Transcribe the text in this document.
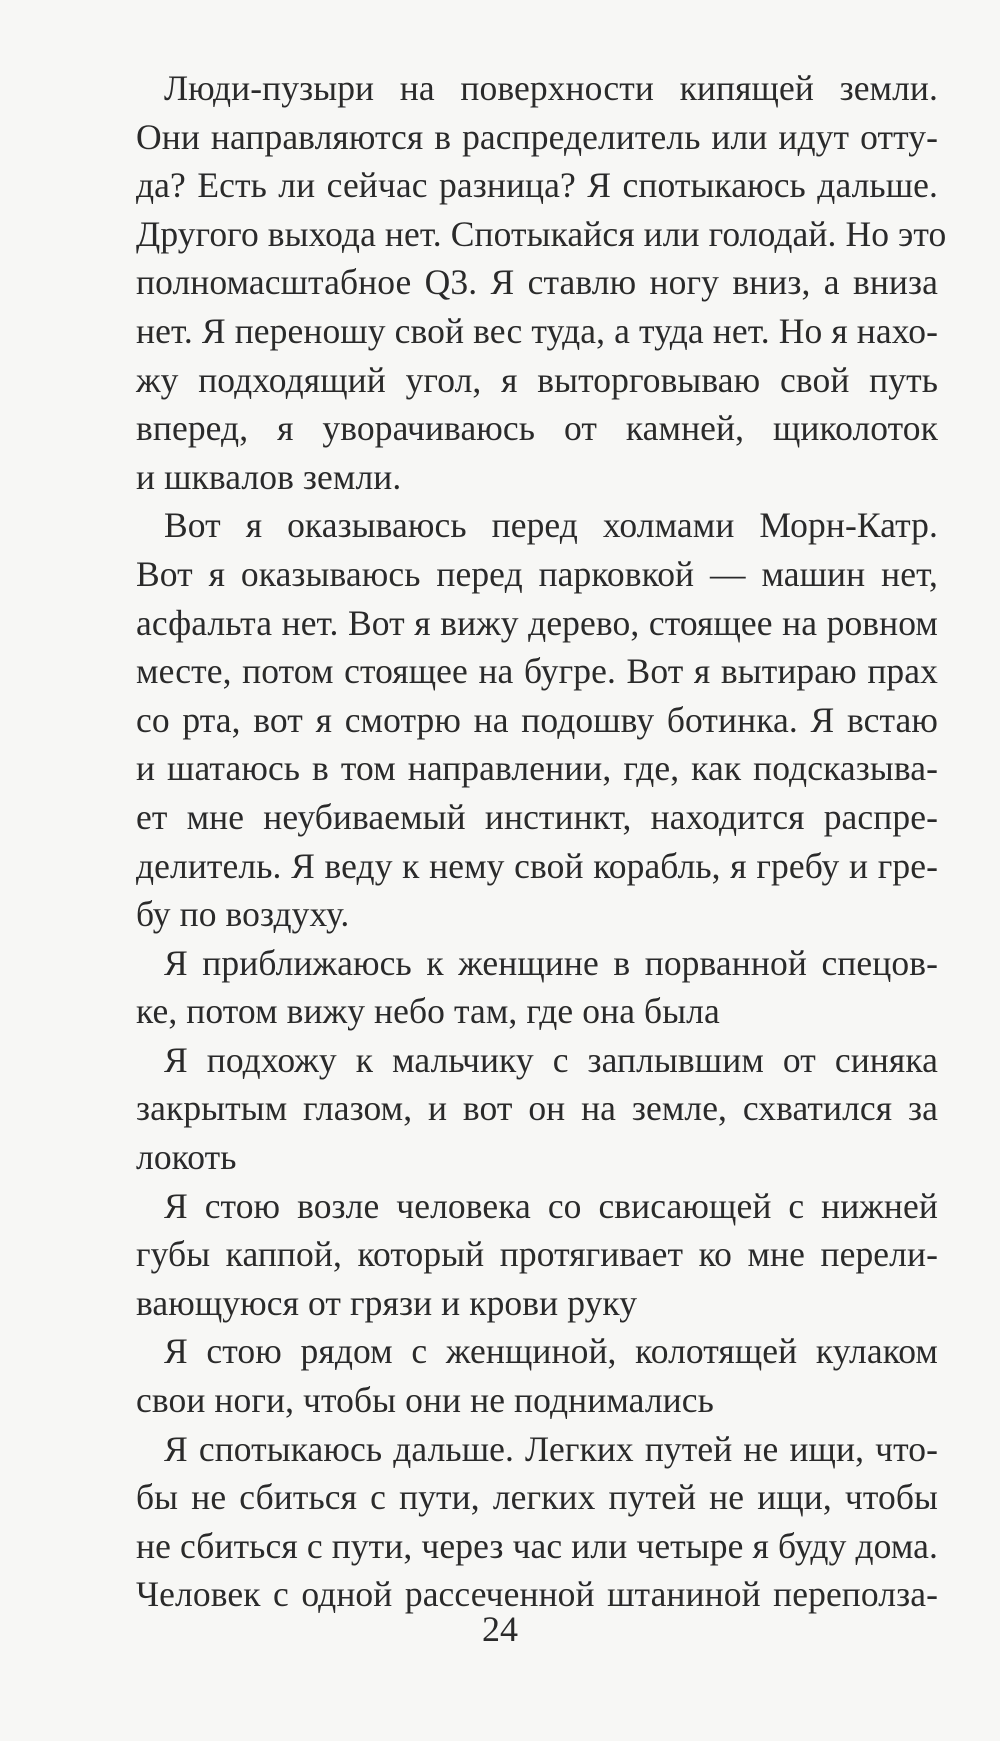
Люди-пузыри на поверхности кипящей земли.
Они направляются в распределитель или идут отту-
да? Есть ли сейчас разница? Я спотыкаюсь дальше.
Другого выхода нет. Спотыкайся или голодай. Но это
полномасштабное Q3. Я ставлю ногу вниз, а вниза
нет. Я переношу свой вес туда, а туда нет. Но я нахо-
жу подходящий угол, я выторговываю свой путь
вперед, я уворачиваюсь от камней, щиколоток
и шквалов земли.
Вот я оказываюсь перед холмами Морн-Катр.
Вот я оказываюсь перед парковкой — машин нет,
асфальта нет. Вот я вижу дерево, стоящее на ровном
месте, потом стоящее на бугре. Вот я вытираю прах
со рта, вот я смотрю на подошву ботинка. Я встаю
и шатаюсь в том направлении, где, как подсказыва-
ет мне неубиваемый инстинкт, находится распре-
делитель. Я веду к нему свой корабль, я гребу и гре-
бу по воздуху.
Я приближаюсь к женщине в порванной спецов-
ке, потом вижу небо там, где она была
Я подхожу к мальчику с заплывшим от синяка
закрытым глазом, и вот он на земле, схватился за
локоть
Я стою возле человека со свисающей с нижней
губы каппой, который протягивает ко мне перели-
вающуюся от грязи и крови руку
Я стою рядом с женщиной, колотящей кулаком
свои ноги, чтобы они не поднимались
Я спотыкаюсь дальше. Легких путей не ищи, что-
бы не сбиться с пути, легких путей не ищи, чтобы
не сбиться с пути, через час или четыре я буду дома.
Человек с одной рассеченной штаниной переполза-
24
